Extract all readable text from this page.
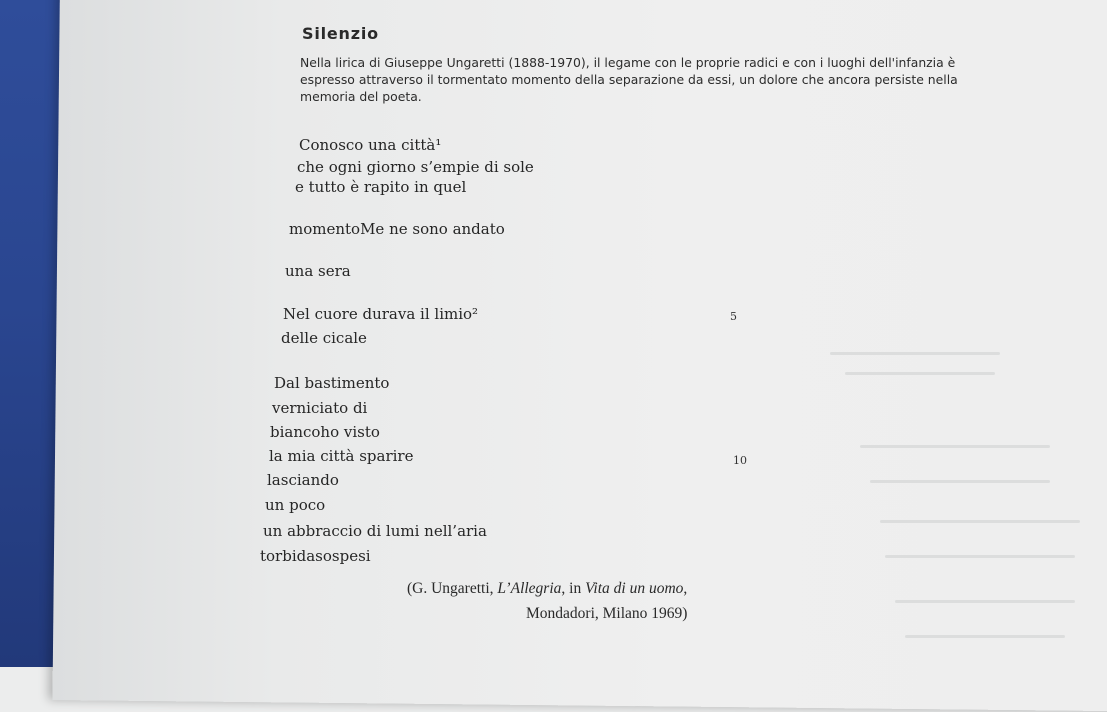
Silenzio
Nella lirica di Giuseppe Ungaretti (1888-1970), il legame con le proprie radici e con i luoghi dell'infanzia è espresso attraverso il tormentato momento della separazione da essi, un dolore che ancora persiste nella memoria del poeta.
Conosco una città¹
che ogni giorno s’empie di sole
e tutto è rapito in quel
momentoMe ne sono andato
una sera
Nel cuore durava il limio²
delle cicale
Dal bastimento
verniciato di
biancoho visto
la mia città sparire
lasciando
un poco
un abbraccio di lumi nell’aria
torbidasospesi
5
10
(G. Ungaretti, L’Allegria, in Vita di un uomo,
Mondadori, Milano 1969)
